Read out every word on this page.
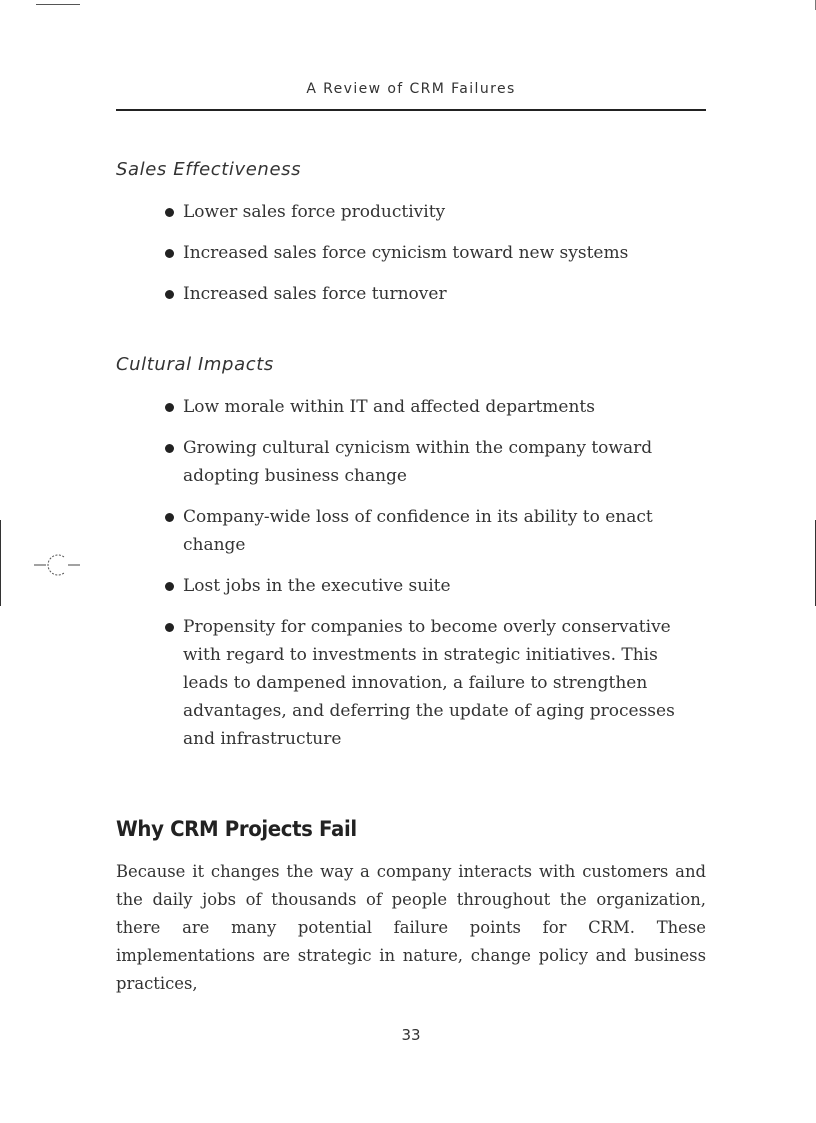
A Review of CRM Failures
Sales Effectiveness
Lower sales force productivity
Increased sales force cynicism toward new systems
Increased sales force turnover
Cultural Impacts
Low morale within IT and affected departments
Growing cultural cynicism within the company toward adopting business change
Company-wide loss of confidence in its ability to enact change
Lost jobs in the executive suite
Propensity for companies to become overly conservative with regard to investments in strategic initiatives. This leads to dampened innovation, a failure to strengthen advantages, and deferring the update of aging processes and infrastructure
Why CRM Projects Fail

Because it changes the way a company interacts with customers and the daily jobs of thousands of people throughout the organization, there are many potential failure points for CRM. These implementations are strategic in nature, change policy and business practices,

33
